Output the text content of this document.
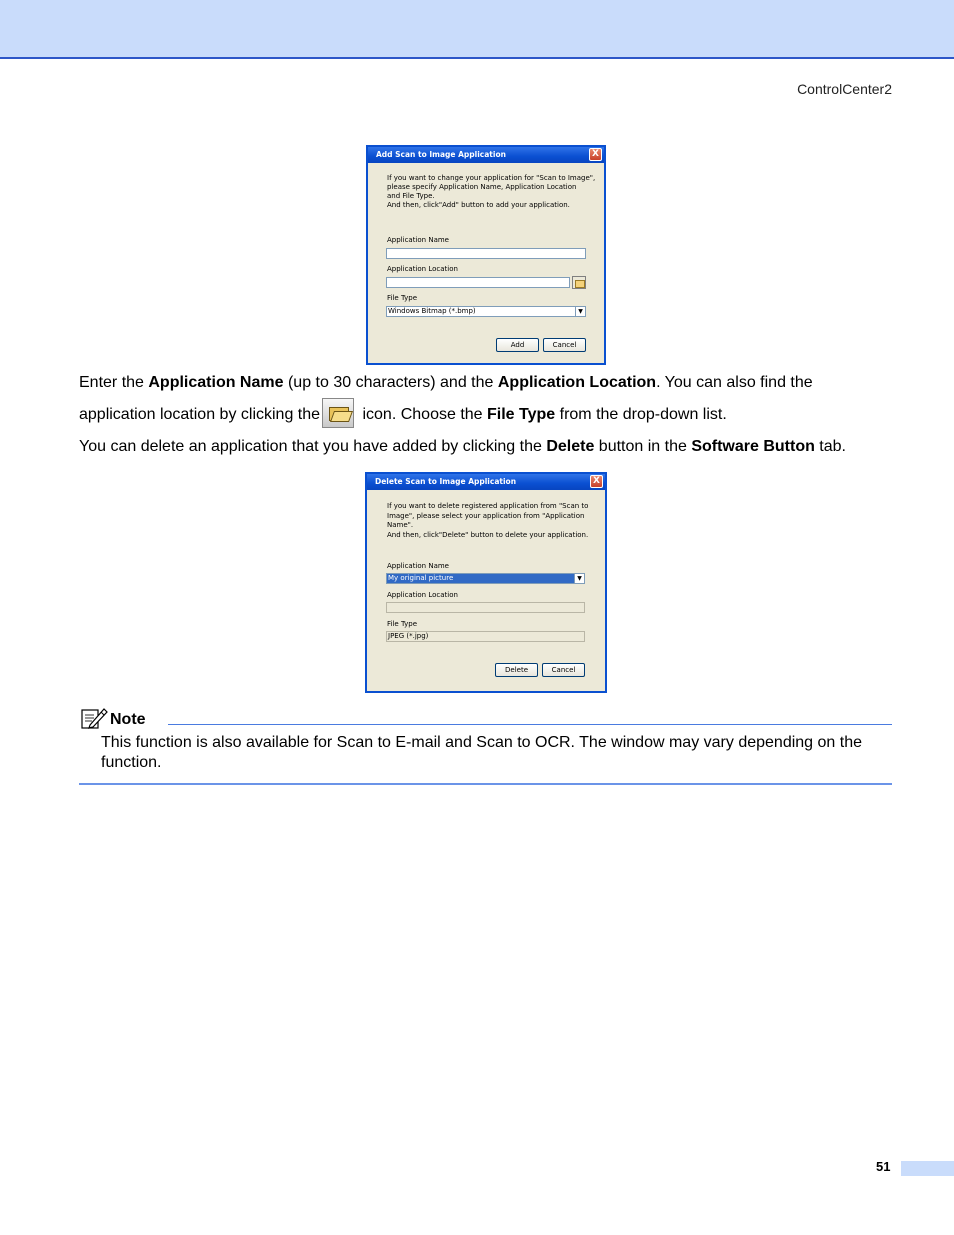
ControlCenter2
Add Scan to Image Application	X
If you want to change your application for "Scan to Image",
please specify Application Name, Application Location
and File Type.
And then, click"Add" button to add your application.
Application Name
Application Location
File Type
Windows Bitmap (*.bmp)	▼
Add	Cancel
Enter the Application Name (up to 30 characters) and the Application Location. You can also find the
application location by clicking the
icon. Choose the File Type from the drop-down list.
You can delete an application that you have added by clicking the Delete button in the Software Button tab.
Delete Scan to Image Application	X
If you want to delete registered application from "Scan to
Image", please select your application from "Application
Name".
And then, click"Delete" button to delete your application.
Application Name
My original picture	▼
Application Location
File Type
JPEG (*.jpg)
Delete	Cancel
Note
This function is also available for Scan to E-mail and Scan to OCR. The window may vary depending on the function.
51
